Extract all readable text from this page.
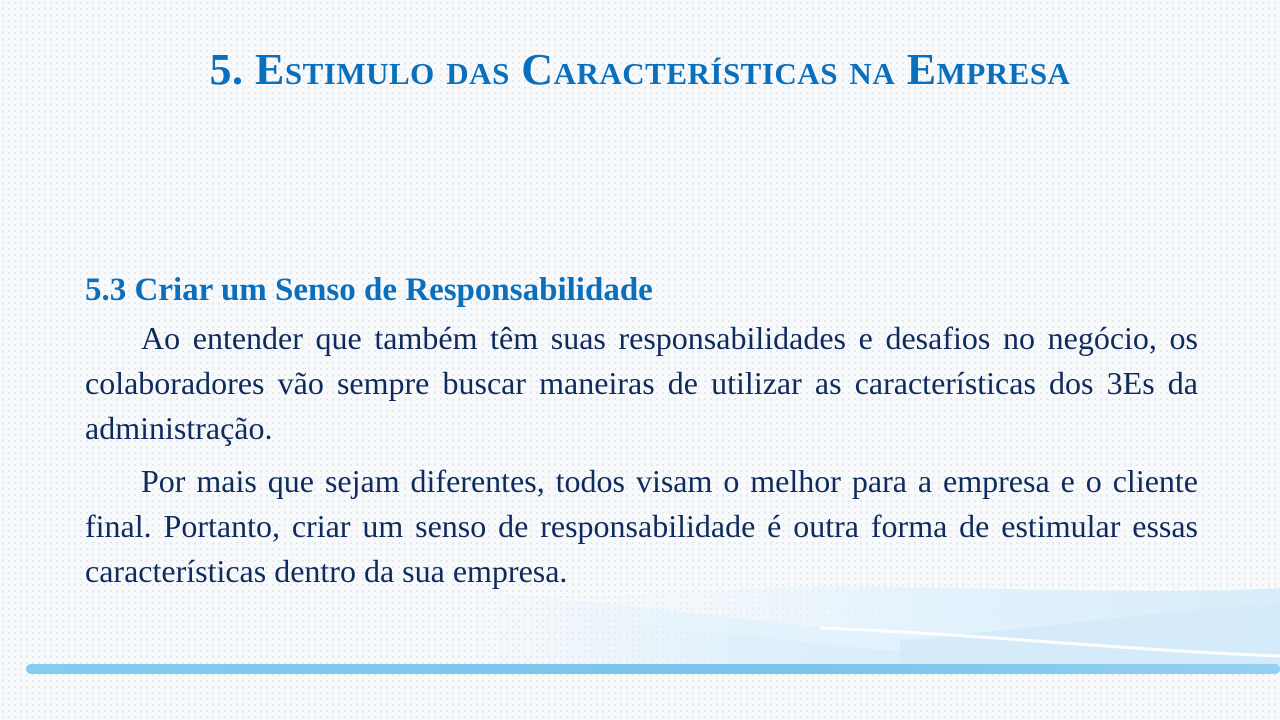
5. Estimulo das Características na Empresa
5.3 Criar um Senso de Responsabilidade

Ao entender que também têm suas responsabilidades e desafios no negócio, os colaboradores vão sempre buscar maneiras de utilizar as características dos 3Es da administração.

Por mais que sejam diferentes, todos visam o melhor para a empresa e o cliente final. Portanto, criar um senso de responsabilidade é outra forma de estimular essas características dentro da sua empresa.
